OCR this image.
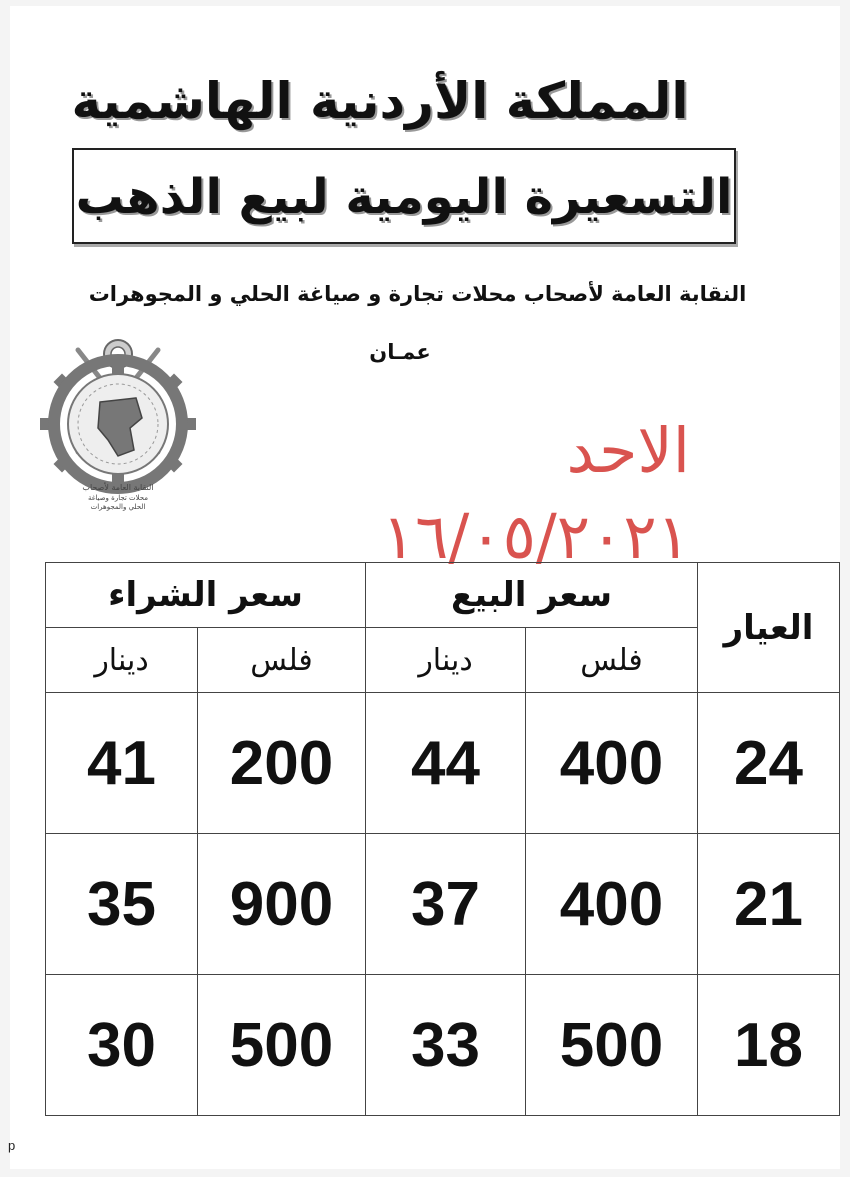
المملكة الأردنية الهاشمية
التسعيرة اليومية لبيع الذهب
النقابة العامة لأصحاب محلات تجارة و صياغة الحلي و المجوهرات
عمـان
النقابة العامة لأصحاب
محلات تجارة وصياغة
الحلي والمجوهرات
الاحد ١٦/٠٥/٢٠٢١
العيار	سعر البيع		سعر الشراء	
	فلس	دينار	فلس	دينار
24	400	44	200	41
21	400	37	900	35
18	500	33	500	30
p
